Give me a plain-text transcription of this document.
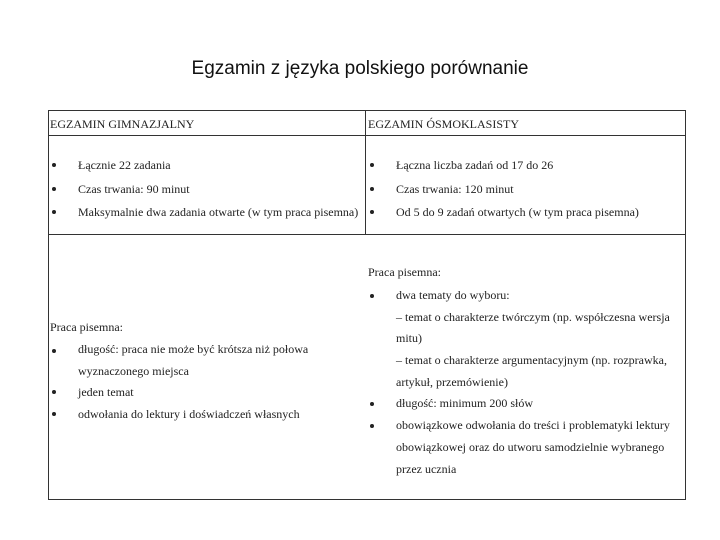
Egzamin z języka polskiego porównanie
EGZAMIN GIMNAZJALNY	EGZAMIN ÓSMOKLASISTY
Łącznie 22 zadania
Czas trwania: 90 minut
Maksymalnie dwa zadania otwarte (w tym praca pisemna)
Łączna liczba zadań od 17 do 26
Czas trwania: 120 minut
Od 5 do 9 zadań otwartych (w tym praca pisemna)
Praca pisemna:
długość: praca nie może być krótsza niż połowa
wyznaczonego miejsca
jeden temat
odwołania do lektury i doświadczeń własnych
Praca pisemna:
dwa tematy do wyboru:
– temat o charakterze twórczym (np. współczesna wersja
mitu)
– temat o charakterze argumentacyjnym (np. rozprawka,
artykuł, przemówienie)
długość: minimum 200 słów
obowiązkowe odwołania do treści i problematyki lektury
obowiązkowej oraz do utworu samodzielnie wybranego
przez ucznia
